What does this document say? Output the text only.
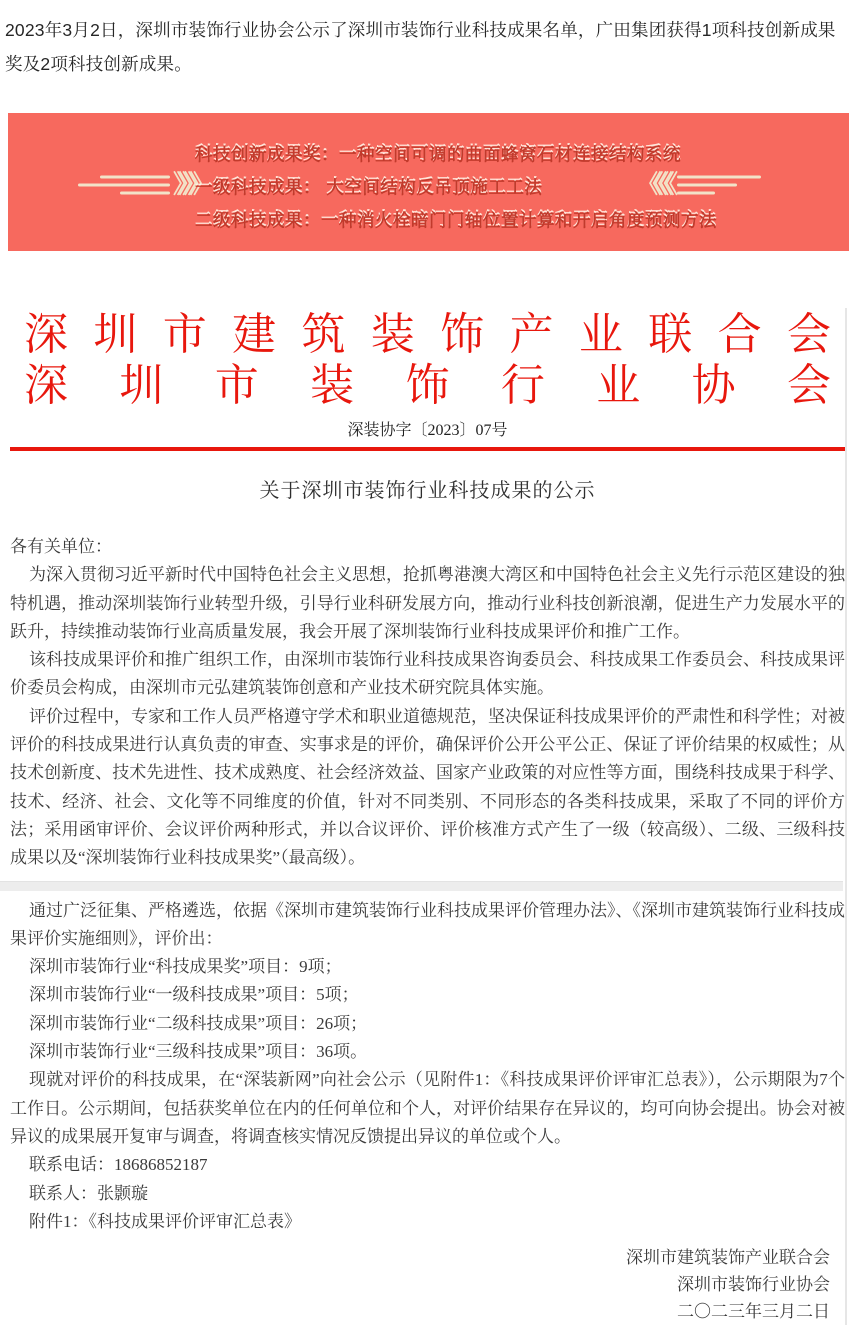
2023年3月2日，深圳市装饰行业协会公示了深圳市装饰行业科技成果名单，广田集团获得1项科技创新成果奖及2项科技创新成果。
》》》》
科技创新成果奖：一种空间可调的曲面蜂窝石材连接结构系统
一级科技成果： 大空间结构反吊顶施工工法
二级科技成果：一种消火栓暗门门轴位置计算和开启角度预测方法
《《《《
深 圳 市 建 筑 装 饰 产 业 联 合 会
深 圳 市 装 饰 行 业 协 会
深装协字〔2023〕07号
关于深圳市装饰行业科技成果的公示

各有关单位：

为深入贯彻习近平新时代中国特色社会主义思想，抢抓粤港澳大湾区和中国特色社会主义先行示范区建设的独特机遇，推动深圳装饰行业转型升级，引导行业科研发展方向，推动行业科技创新浪潮，促进生产力发展水平的跃升，持续推动装饰行业高质量发展，我会开展了深圳装饰行业科技成果评价和推广工作。

该科技成果评价和推广组织工作，由深圳市装饰行业科技成果咨询委员会、科技成果工作委员会、科技成果评价委员会构成，由深圳市元弘建筑装饰创意和产业技术研究院具体实施。

评价过程中，专家和工作人员严格遵守学术和职业道德规范，坚决保证科技成果评价的严肃性和科学性；对被评价的科技成果进行认真负责的审查、实事求是的评价，确保评价公开公平公正、保证了评价结果的权威性；从技术创新度、技术先进性、技术成熟度、社会经济效益、国家产业政策的对应性等方面，围绕科技成果于科学、技术、经济、社会、文化等不同维度的价值，针对不同类别、不同形态的各类科技成果，采取了不同的评价方法；采用函审评价、会议评价两种形式，并以合议评价、评价核准方式产生了一级（较高级）、二级、三级科技成果以及“深圳装饰行业科技成果奖”（最高级）。

通过广泛征集、严格遴选，依据《深圳市建筑装饰行业科技成果评价管理办法》、《深圳市建筑装饰行业科技成果评价实施细则》，评价出：

深圳市装饰行业“科技成果奖”项目：9项；

深圳市装饰行业“一级科技成果”项目：5项；

深圳市装饰行业“二级科技成果”项目：26项；

深圳市装饰行业“三级科技成果”项目：36项。

现就对评价的科技成果，在“深装新网”向社会公示（见附件1：《科技成果评价评审汇总表》），公示期限为7个工作日。公示期间，包括获奖单位在内的任何单位和个人，对评价结果存在异议的，均可向协会提出。协会对被异议的成果展开复审与调查，将调查核实情况反馈提出异议的单位或个人。

联系电话：18686852187

联系人：张颢璇

附件1：《科技成果评价评审汇总表》

深圳市建筑装饰产业联合会
深圳市装饰行业协会
二〇二三年三月二日
